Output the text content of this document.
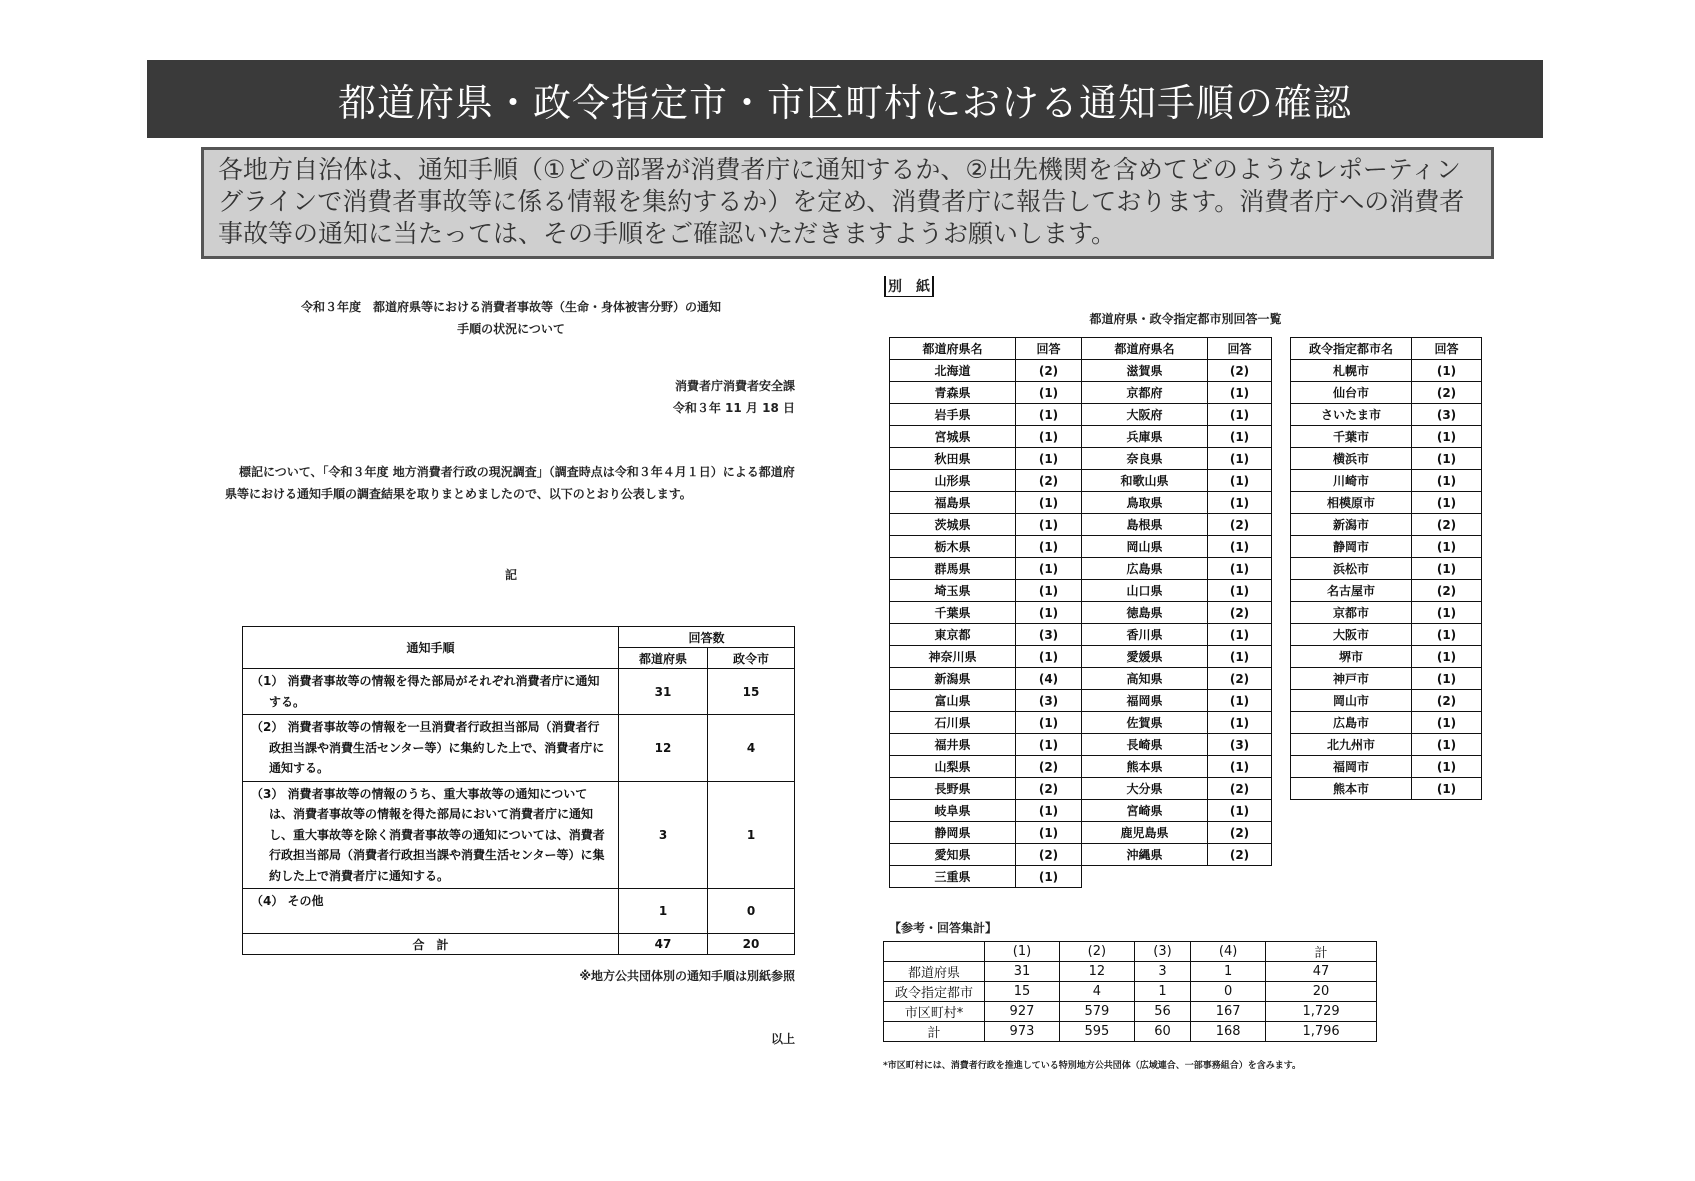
都道府県・政令指定市・市区町村における通知手順の確認
各地方自治体は、通知手順（①どの部署が消費者庁に通知するか、②出先機関を含めてどのようなレポーティングラインで消費者事故等に係る情報を集約するか）を定め、消費者庁に報告しております。消費者庁への消費者事故等の通知に当たっては、その手順をご確認いただきますようお願いします。
令和３年度　都道府県等における消費者事故等（生命・身体被害分野）の通知
手順の状況について
消費者庁消費者安全課
令和３年 11 月 18 日
標記について、「令和３年度 地方消費者行政の現況調査」（調査時点は令和３年４月１日）による都道府県等における通知手順の調査結果を取りまとめましたので、以下のとおり公表します。
記
通知手順	回答数	
	都道府県	政令市
（1） 消費者事故等の情報を得た部局がそれぞれ消費者庁に通知する。	31	15
（2） 消費者事故等の情報を一旦消費者行政担当部局（消費者行政担当課や消費生活センター等）に集約した上で、消費者庁に通知する。	12	4
（3） 消費者事故等の情報のうち、重大事故等の通知については、消費者事故等の情報を得た部局において消費者庁に通知し、重大事故等を除く消費者事故等の通知については、消費者行政担当部局（消費者行政担当課や消費生活センター等）に集約した上で消費者庁に通知する。	3	1
（4） その他	1	0
合　計	47	20
※地方公共団体別の通知手順は別紙参照
以上
別　紙
都道府県・政令指定都市別回答一覧
都道府県名	回答	都道府県名	回答
北海道	(2)	滋賀県	(2)
青森県	(1)	京都府	(1)
岩手県	(1)	大阪府	(1)
宮城県	(1)	兵庫県	(1)
秋田県	(1)	奈良県	(1)
山形県	(2)	和歌山県	(1)
福島県	(1)	鳥取県	(1)
茨城県	(1)	島根県	(2)
栃木県	(1)	岡山県	(1)
群馬県	(1)	広島県	(1)
埼玉県	(1)	山口県	(1)
千葉県	(1)	徳島県	(2)
東京都	(3)	香川県	(1)
神奈川県	(1)	愛媛県	(1)
新潟県	(4)	高知県	(2)
富山県	(3)	福岡県	(1)
石川県	(1)	佐賀県	(1)
福井県	(1)	長崎県	(3)
山梨県	(2)	熊本県	(1)
長野県	(2)	大分県	(2)
岐阜県	(1)	宮崎県	(1)
静岡県	(1)	鹿児島県	(2)
愛知県	(2)	沖縄県	(2)
三重県	(1)		
政令指定都市名	回答
札幌市	(1)
仙台市	(2)
さいたま市	(3)
千葉市	(1)
横浜市	(1)
川崎市	(1)
相模原市	(1)
新潟市	(2)
静岡市	(1)
浜松市	(1)
名古屋市	(2)
京都市	(1)
大阪市	(1)
堺市	(1)
神戸市	(1)
岡山市	(2)
広島市	(1)
北九州市	(1)
福岡市	(1)
熊本市	(1)
【参考・回答集計】
	(1)	(2)	(3)	(4)	計
都道府県	31	12	3	1	47
政令指定都市	15	4	1	0	20
市区町村*	927	579	56	167	1,729
計	973	595	60	168	1,796
*市区町村には、消費者行政を推進している特別地方公共団体（広域連合、一部事務組合）を含みます。
